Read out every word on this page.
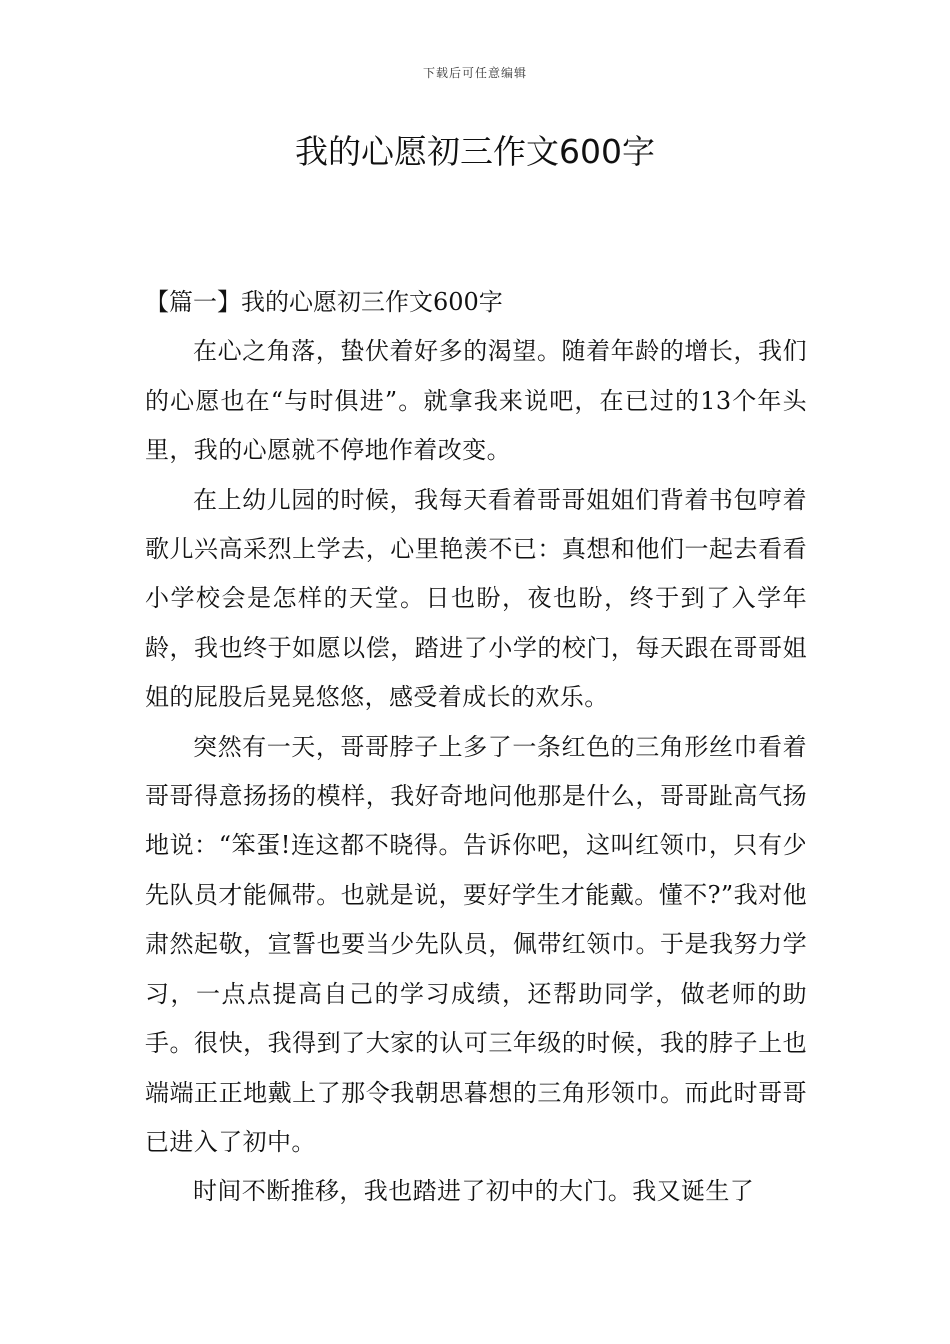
下载后可任意编辑
我的心愿初三作文600字

【篇一】我的心愿初三作文600字

在心之角落，蛰伏着好多的渴望。随着年龄的增长，我们的心愿也在“与时俱进”。就拿我来说吧，在已过的13个年头里，我的心愿就不停地作着改变。

在上幼儿园的时候，我每天看着哥哥姐姐们背着书包哼着歌儿兴高采烈上学去，心里艳羡不已：真想和他们一起去看看小学校会是怎样的天堂。日也盼，夜也盼，终于到了入学年龄，我也终于如愿以偿，踏进了小学的校门，每天跟在哥哥姐姐的屁股后晃晃悠悠，感受着成长的欢乐。

突然有一天，哥哥脖子上多了一条红色的三角形丝巾看着哥哥得意扬扬的模样，我好奇地问他那是什么，哥哥趾高气扬地说：“笨蛋!连这都不晓得。告诉你吧，这叫红领巾，只有少先队员才能佩带。也就是说，要好学生才能戴。懂不?”我对他肃然起敬，宣誓也要当少先队员，佩带红领巾。于是我努力学习，一点点提高自己的学习成绩，还帮助同学，做老师的助手。很快，我得到了大家的认可三年级的时候，我的脖子上也端端正正地戴上了那令我朝思暮想的三角形领巾。而此时哥哥已进入了初中。

时间不断推移，我也踏进了初中的大门。我又诞生了
